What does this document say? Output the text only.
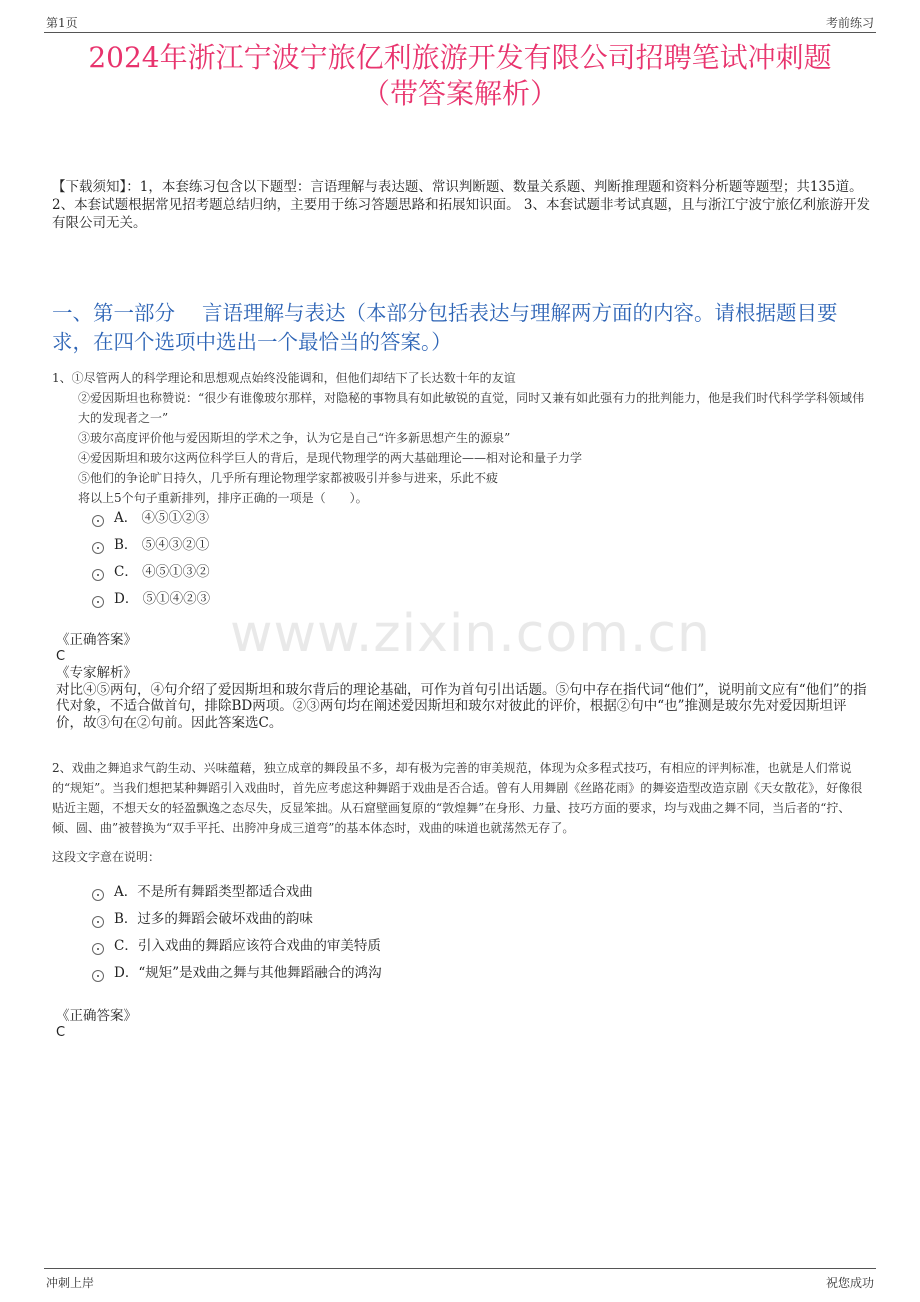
第1页	考前练习
2024年浙江宁波宁旅亿利旅游开发有限公司招聘笔试冲刺题
（带答案解析）
【下载须知】：1，本套练习包含以下题型：言语理解与表达题、常识判断题、数量关系题、判断推理题和资料分析题等题型；共135道。 2、本套试题根据常见招考题总结归纳，主要用于练习答题思路和拓展知识面。 3、本套试题非考试真题，且与浙江宁波宁旅亿利旅游开发有限公司无关。
一、第一部分　 言语理解与表达（本部分包括表达与理解两方面的内容。请根据题目要求，在四个选项中选出一个最恰当的答案。）
www.zixin.com.cn
1、①尽管两人的科学理论和思想观点始终没能调和，但他们却结下了长达数十年的友谊
②爱因斯坦也称赞说：“很少有谁像玻尔那样，对隐秘的事物具有如此敏锐的直觉，同时又兼有如此强有力的批判能力，他是我们时代科学学科领域伟大的发现者之一”
③玻尔高度评价他与爱因斯坦的学术之争，认为它是自己“许多新思想产生的源泉”
④爱因斯坦和玻尔这两位科学巨人的背后，是现代物理学的两大基础理论——相对论和量子力学
⑤他们的争论旷日持久，几乎所有理论物理学家都被吸引并参与进来，乐此不疲
将以上5个句子重新排列，排序正确的一项是（　　）。
A． ④⑤①②③
B． ⑤④③②①
C． ④⑤①③②
D． ⑤①④②③
《正确答案》
C
《专家解析》
对比④⑤两句，④句介绍了爱因斯坦和玻尔背后的理论基础，可作为首句引出话题。⑤句中存在指代词“他们”，说明前文应有“他们”的指代对象，不适合做首句，排除BD两项。②③两句均在阐述爱因斯坦和玻尔对彼此的评价，根据②句中“也”推测是玻尔先对爱因斯坦评价，故③句在②句前。因此答案选C。
2、戏曲之舞追求气韵生动、兴味蕴藉，独立成章的舞段虽不多，却有极为完善的审美规范，体现为众多程式技巧，有相应的评判标准，也就是人们常说的“规矩”。当我们想把某种舞蹈引入戏曲时，首先应考虑这种舞蹈于戏曲是否合适。曾有人用舞剧《丝路花雨》的舞姿造型改造京剧《天女散花》，好像很贴近主题，不想天女的轻盈飘逸之态尽失，反显笨拙。从石窟壁画复原的“敦煌舞”在身形、力量、技巧方面的要求，均与戏曲之舞不同，当后者的“拧、倾、圆、曲”被替换为“双手平托、出胯冲身成三道弯”的基本体态时，戏曲的味道也就荡然无存了。
这段文字意在说明：
A．不是所有舞蹈类型都适合戏曲
B．过多的舞蹈会破坏戏曲的韵味
C．引入戏曲的舞蹈应该符合戏曲的审美特质
D．“规矩”是戏曲之舞与其他舞蹈融合的鸿沟
《正确答案》
C
冲刺上岸	祝您成功
